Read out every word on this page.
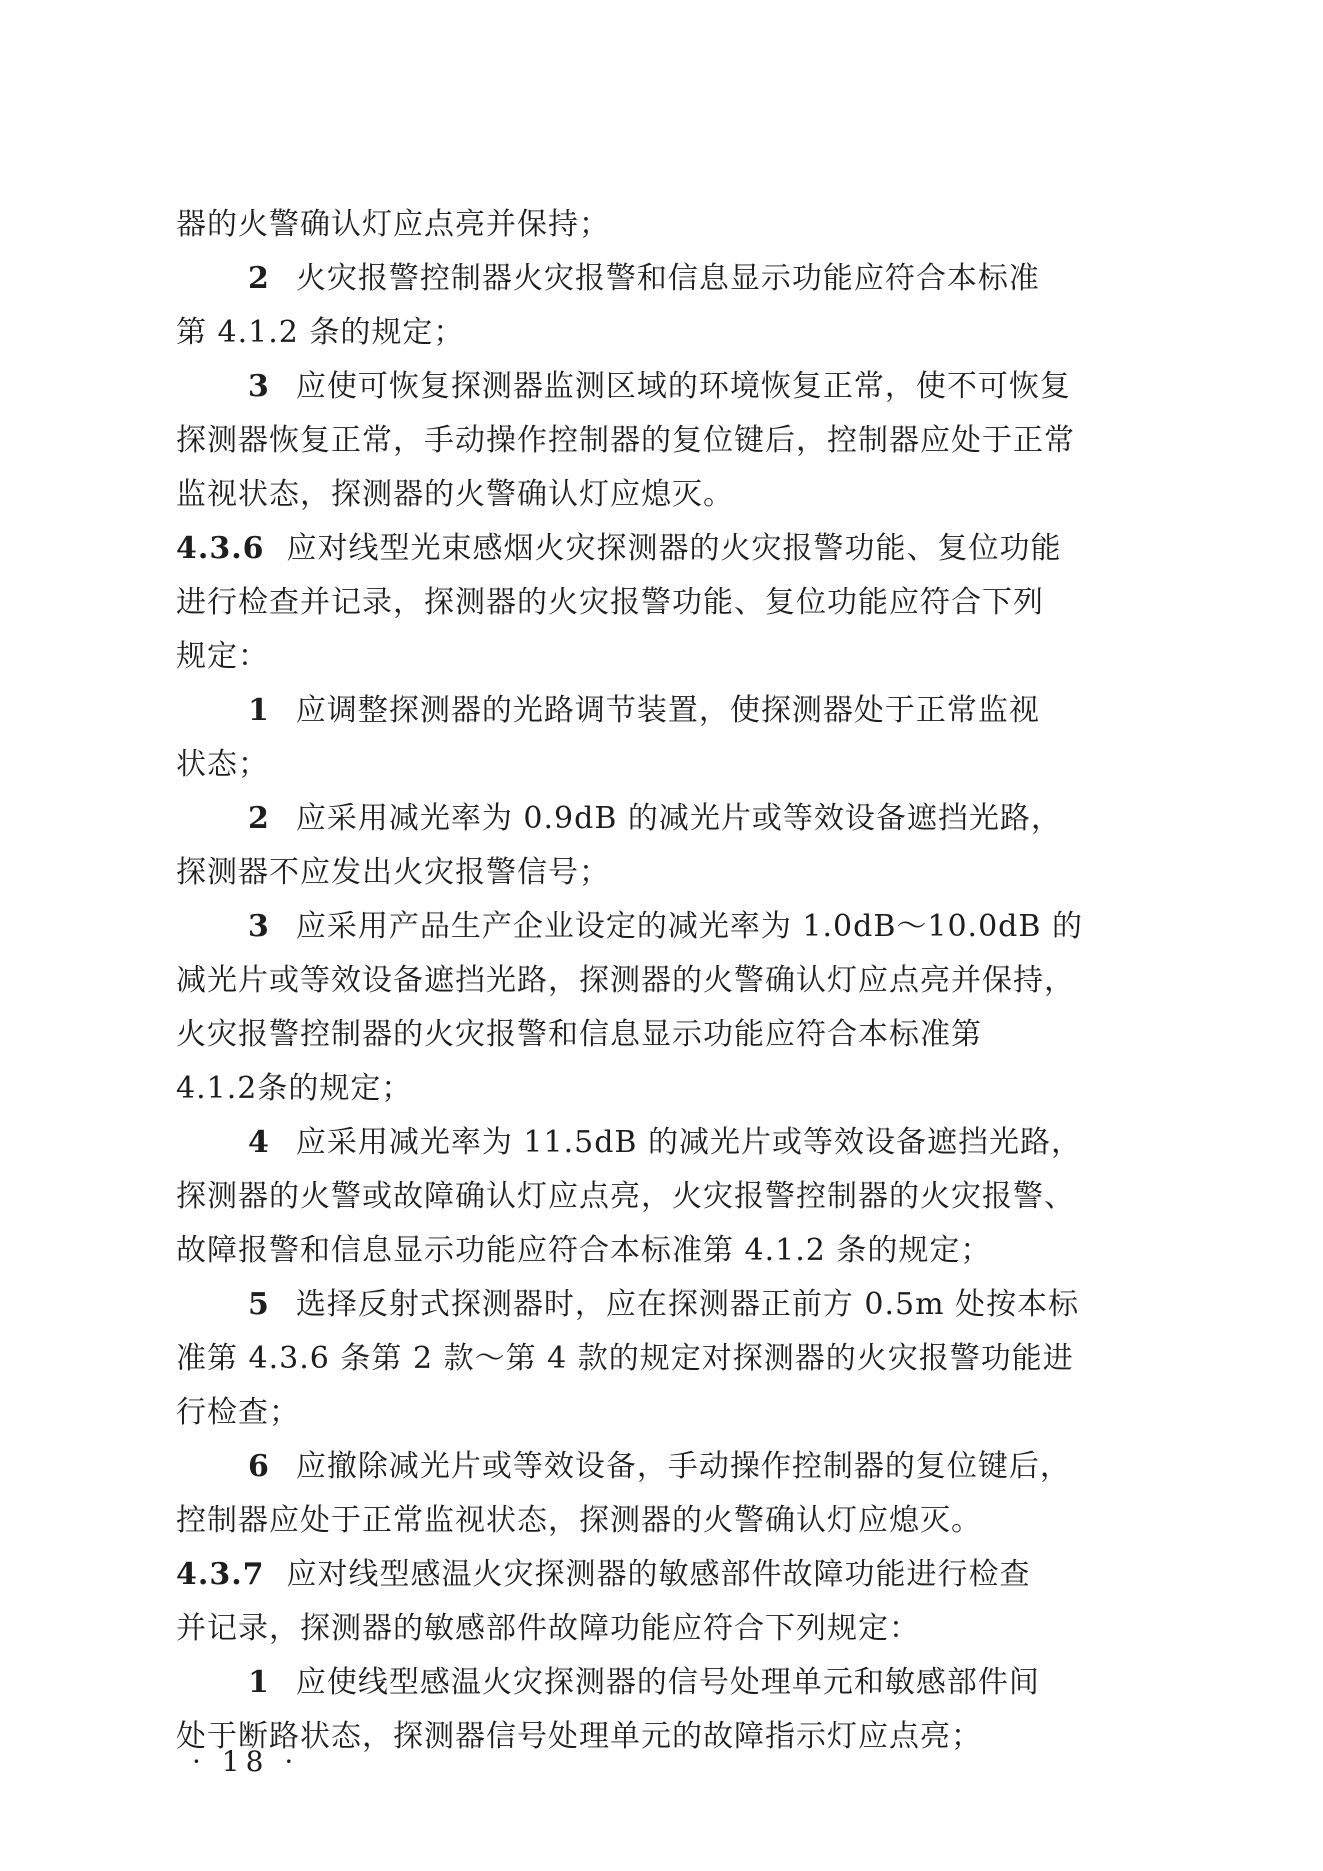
器的火警确认灯应点亮并保持；
2 火灾报警控制器火灾报警和信息显示功能应符合本标准
第 4.1.2 条的规定；
3 应使可恢复探测器监测区域的环境恢复正常，使不可恢复
探测器恢复正常，手动操作控制器的复位键后，控制器应处于正常
监视状态，探测器的火警确认灯应熄灭。
4.3.6 应对线型光束感烟火灾探测器的火灾报警功能、复位功能
进行检查并记录，探测器的火灾报警功能、复位功能应符合下列
规定：
1 应调整探测器的光路调节装置，使探测器处于正常监视
状态；
2 应采用减光率为 0.9dB 的减光片或等效设备遮挡光路，
探测器不应发出火灾报警信号；
3 应采用产品生产企业设定的减光率为 1.0dB～10.0dB 的
减光片或等效设备遮挡光路，探测器的火警确认灯应点亮并保持，
火灾报警控制器的火灾报警和信息显示功能应符合本标准第
4.1.2条的规定；
4 应采用减光率为 11.5dB 的减光片或等效设备遮挡光路，
探测器的火警或故障确认灯应点亮，火灾报警控制器的火灾报警、
故障报警和信息显示功能应符合本标准第 4.1.2 条的规定；
5 选择反射式探测器时，应在探测器正前方 0.5m 处按本标
准第 4.3.6 条第 2 款～第 4 款的规定对探测器的火灾报警功能进
行检查；
6 应撤除减光片或等效设备，手动操作控制器的复位键后，
控制器应处于正常监视状态，探测器的火警确认灯应熄灭。
4.3.7 应对线型感温火灾探测器的敏感部件故障功能进行检查
并记录，探测器的敏感部件故障功能应符合下列规定：
1 应使线型感温火灾探测器的信号处理单元和敏感部件间
处于断路状态，探测器信号处理单元的故障指示灯应点亮；
· 18 ·
